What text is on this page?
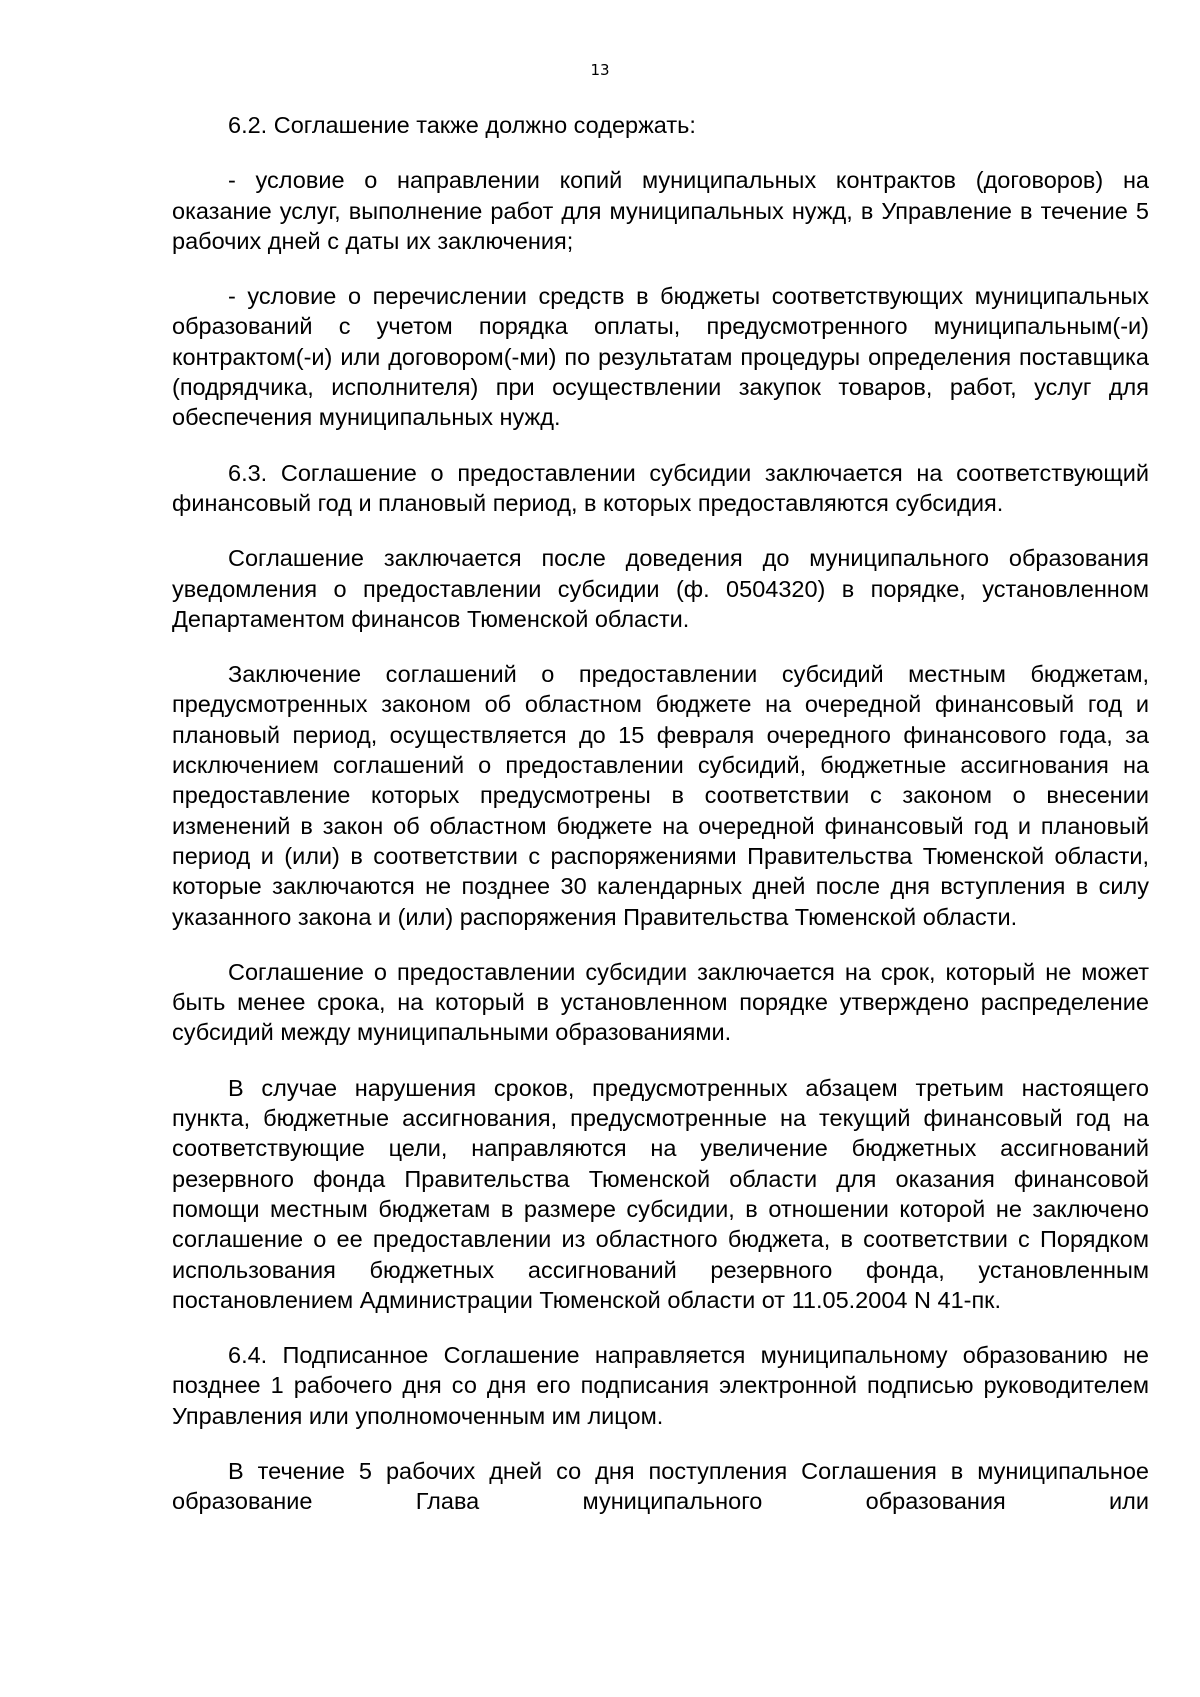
13

6.2. Соглашение также должно содержать:

- условие о направлении копий муниципальных контрактов (договоров) на оказание услуг, выполнение работ для муниципальных нужд, в Управление в течение 5 рабочих дней с даты их заключения;

- условие о перечислении средств в бюджеты соответствующих муниципальных образований с учетом порядка оплаты, предусмотренного муниципальным(-и) контрактом(-и) или договором(-ми) по результатам процедуры определения поставщика (подрядчика, исполнителя) при осуществлении закупок товаров, работ, услуг для обеспечения муниципальных нужд.

6.3. Соглашение о предоставлении субсидии заключается на соответствующий финансовый год и плановый период, в которых предоставляются субсидия.

Соглашение заключается после доведения до муниципального образования уведомления о предоставлении субсидии (ф. 0504320) в порядке, установленном Департаментом финансов Тюменской области.

Заключение соглашений о предоставлении субсидий местным бюджетам, предусмотренных законом об областном бюджете на очередной финансовый год и плановый период, осуществляется до 15 февраля очередного финансового года, за исключением соглашений о предоставлении субсидий, бюджетные ассигнования на предоставление которых предусмотрены в соответствии с законом о внесении изменений в закон об областном бюджете на очередной финансовый год и плановый период и (или) в соответствии с распоряжениями Правительства Тюменской области, которые заключаются не позднее 30 календарных дней после дня вступления в силу указанного закона и (или) распоряжения Правительства Тюменской области.

Соглашение о предоставлении субсидии заключается на срок, который не может быть менее срока, на который в установленном порядке утверждено распределение субсидий между муниципальными образованиями.

В случае нарушения сроков, предусмотренных абзацем третьим настоящего пункта, бюджетные ассигнования, предусмотренные на текущий финансовый год на соответствующие цели, направляются на увеличение бюджетных ассигнований резервного фонда Правительства Тюменской области для оказания финансовой помощи местным бюджетам в размере субсидии, в отношении которой не заключено соглашение о ее предоставлении из областного бюджета, в соответствии с Порядком использования бюджетных ассигнований резервного фонда, установленным постановлением Администрации Тюменской области от 11.05.2004 N 41-пк.

6.4. Подписанное Соглашение направляется муниципальному образованию не позднее 1 рабочего дня со дня его подписания электронной подписью руководителем Управления или уполномоченным им лицом.

В течение 5 рабочих дней со дня поступления Соглашения в муниципальное образование Глава муниципального образования или
